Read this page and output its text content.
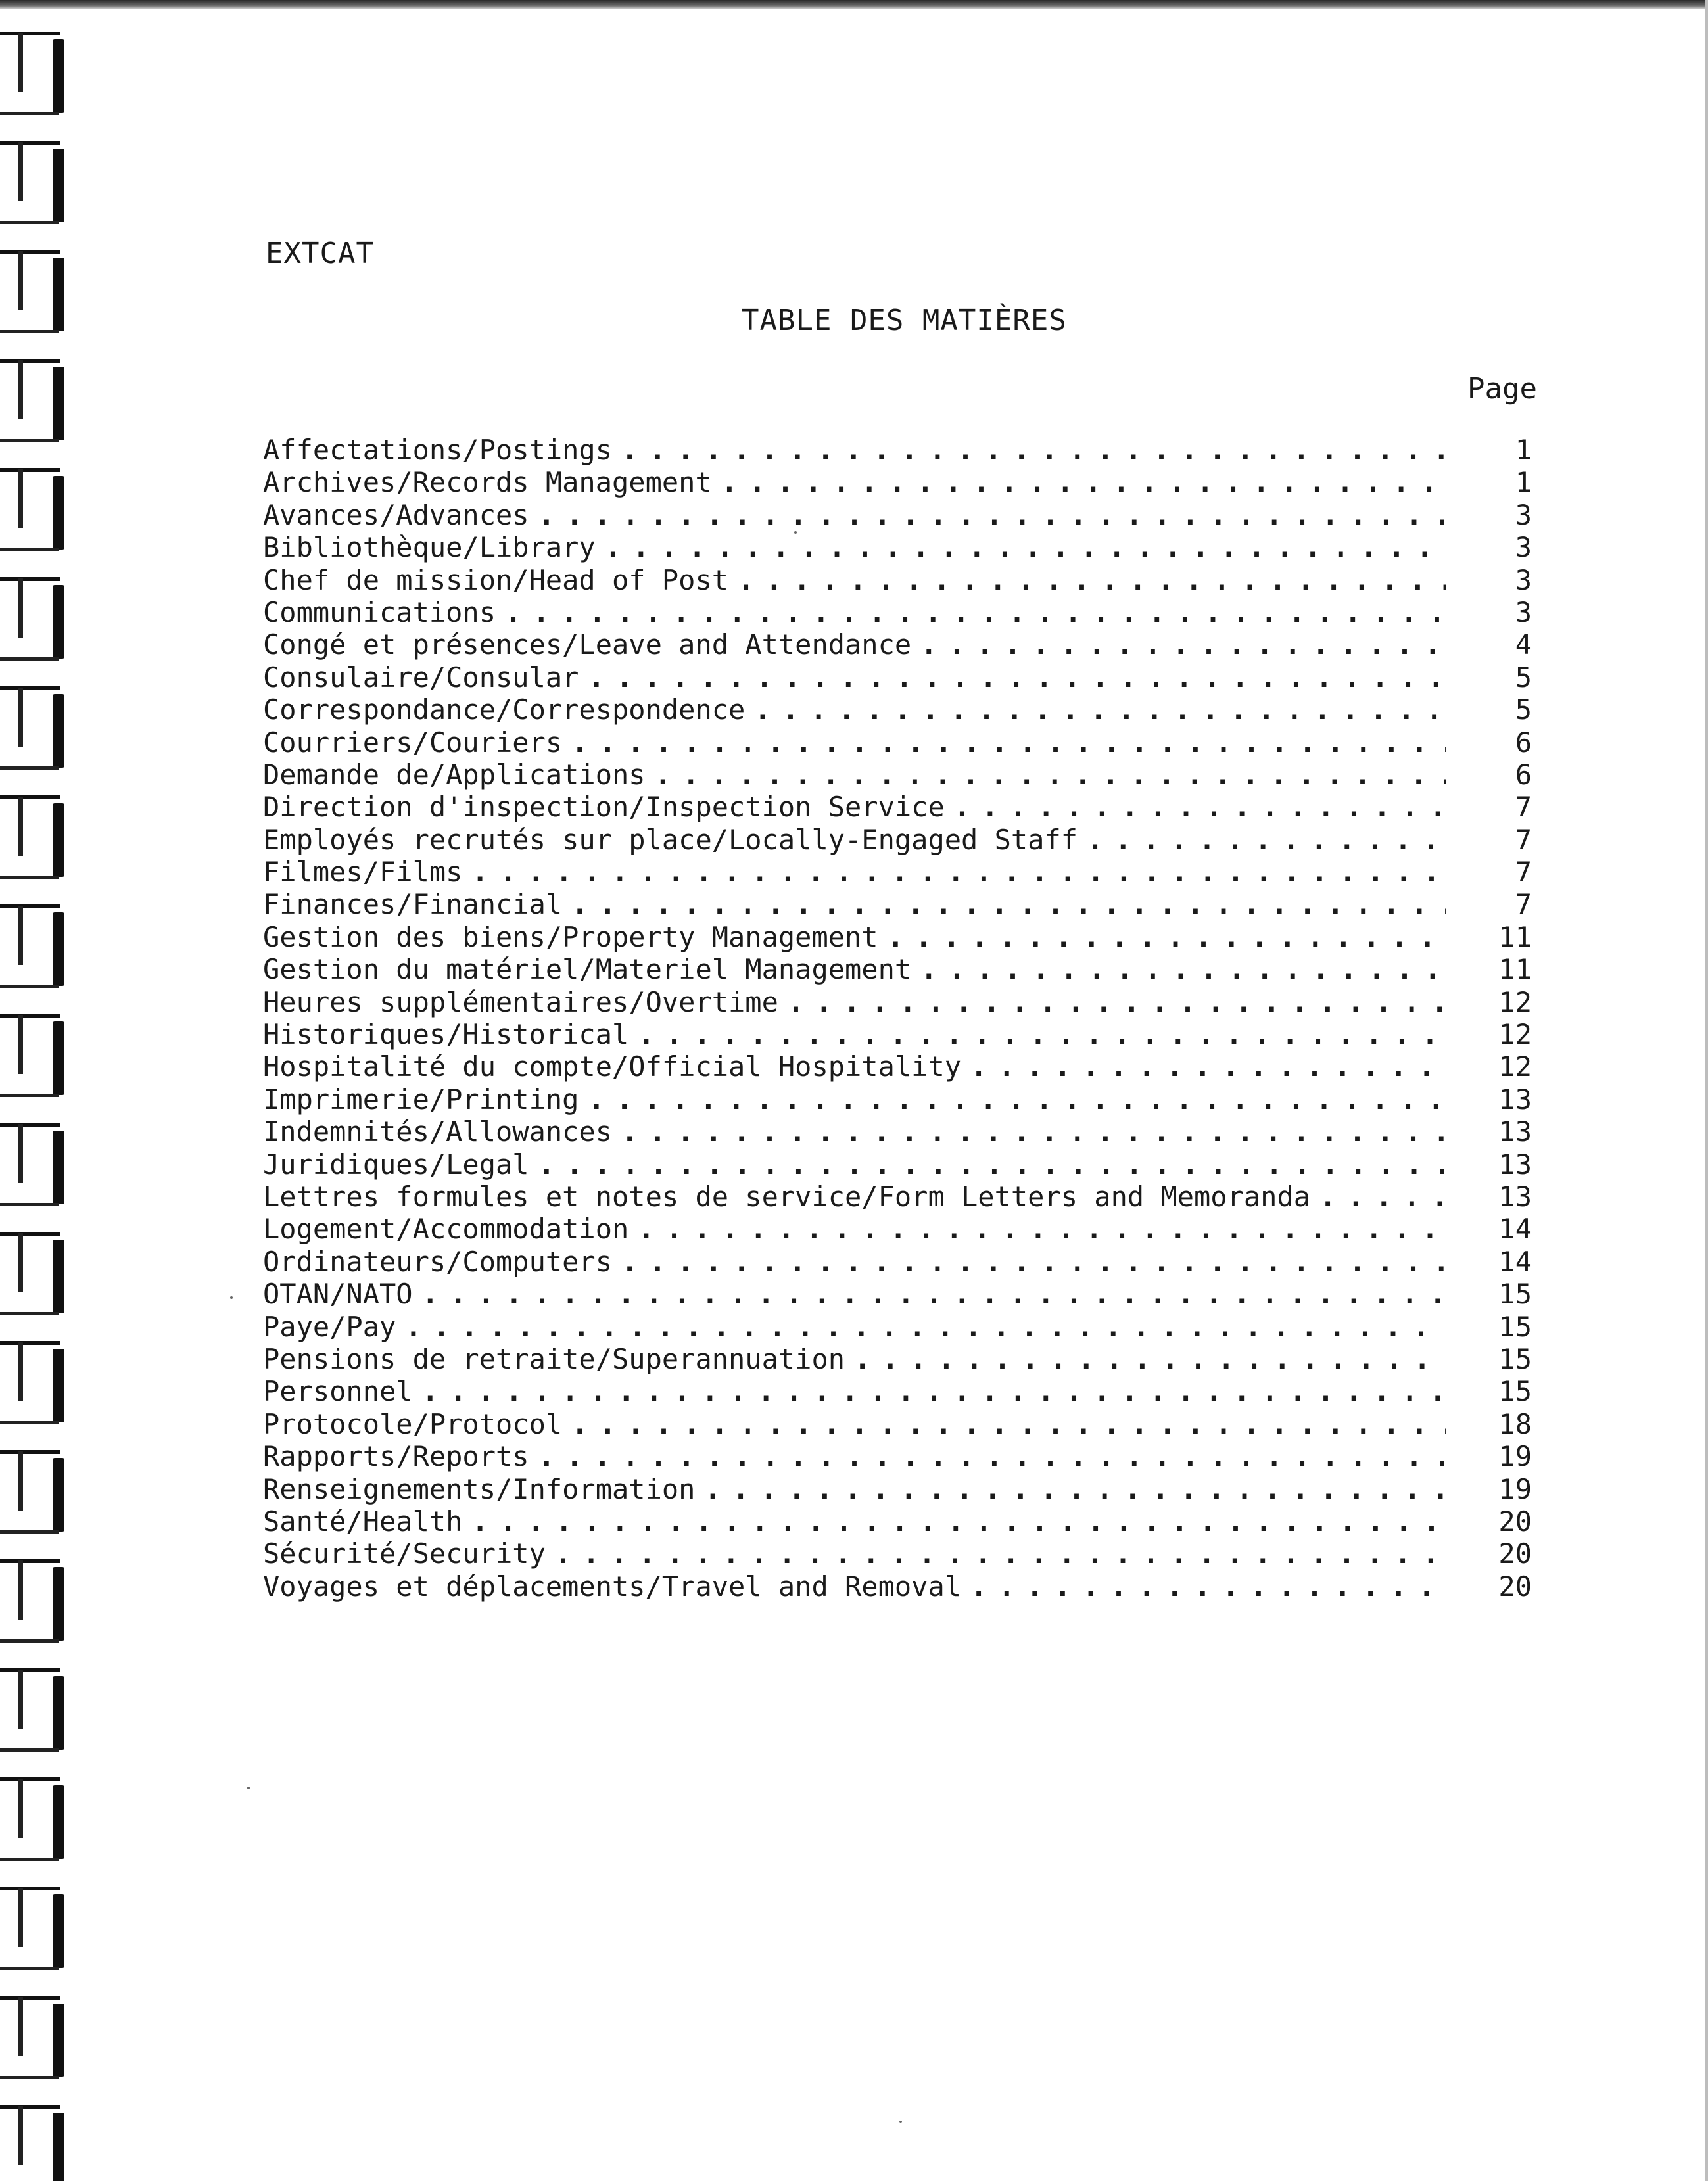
EXTCAT
TABLE DES MATIÈRES
Page
Affectations/Postings . . .	1
Archives/Records Management . . .	1
Avances/Advances . . .	3
Bibliothèque/Library . . .	3
Chef de mission/Head of Post . . .	3
Communications . . .	3
Congé et présences/Leave and Attendance . . .	4
Consulaire/Consular . . .	5
Correspondance/Correspondence . . .	5
Courriers/Couriers . . .	6
Demande de/Applications . . .	6
Direction d'inspection/Inspection Service . . .	7
Employés recrutés sur place/Locally-Engaged Staff . . .	7
Filmes/Films . . .	7
Finances/Financial . . .	7
Gestion des biens/Property Management . . .	11
Gestion du matériel/Materiel Management . . .	11
Heures supplémentaires/Overtime . . .	12
Historiques/Historical . . .	12
Hospitalité du compte/Official Hospitality . . .	12
Imprimerie/Printing . . .	13
Indemnités/Allowances . . .	13
Juridiques/Legal . . .	13
Lettres formules et notes de service/Form Letters and Memoranda . . .	13
Logement/Accommodation . . .	14
Ordinateurs/Computers . . .	14
OTAN/NATO . . .	15
Paye/Pay . . .	15
Pensions de retraite/Superannuation . . .	15
Personnel . . .	15
Protocole/Protocol . . .	18
Rapports/Reports . . .	19
Renseignements/Information . . .	19
Santé/Health . . .	20
Sécurité/Security . . .	20
Voyages et déplacements/Travel and Removal . . .	20
